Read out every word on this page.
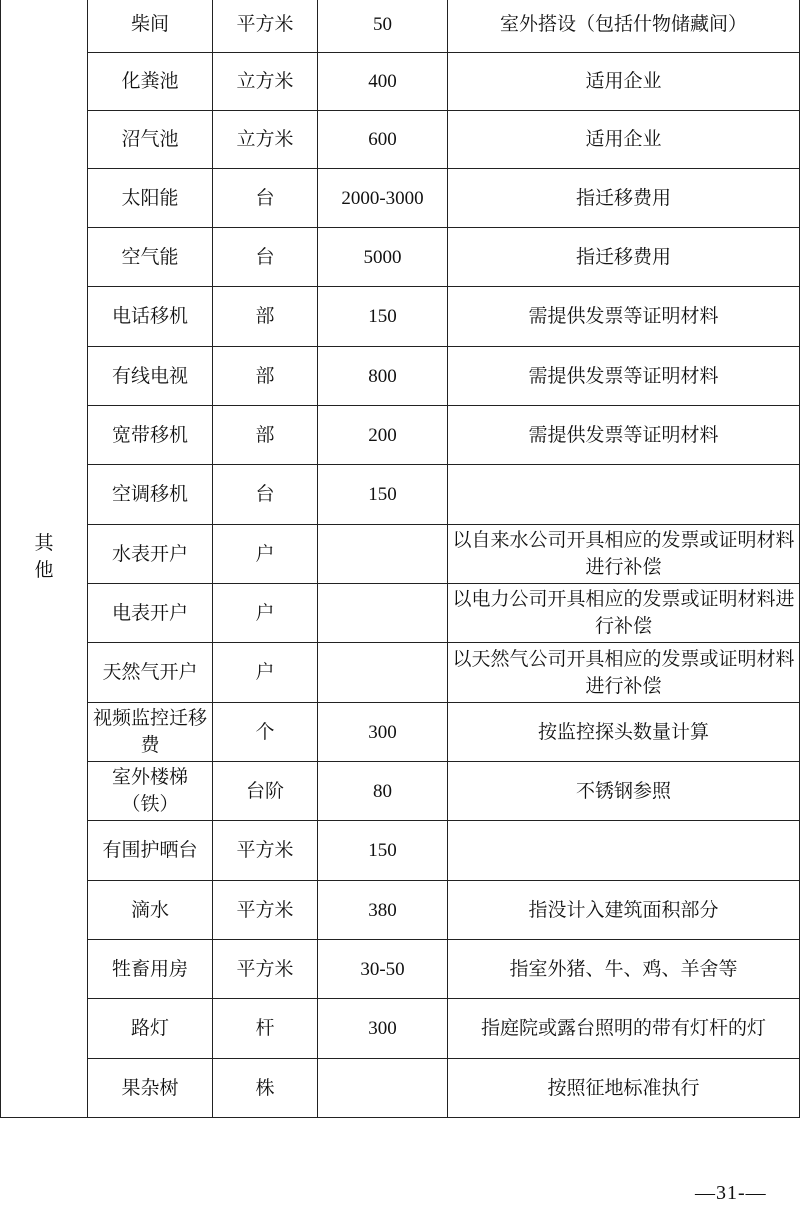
其
他	柴间	平方米	50	室外搭设（包括什物储藏间）
	化粪池	立方米	400	适用企业
	沼气池	立方米	600	适用企业
	太阳能	台	2000-3000	指迁移费用
	空气能	台	5000	指迁移费用
	电话移机	部	150	需提供发票等证明材料
	有线电视	部	800	需提供发票等证明材料
	宽带移机	部	200	需提供发票等证明材料
	空调移机	台	150	
	水表开户	户		以自来水公司开具相应的发票或证明材料进行补偿
	电表开户	户		以电力公司开具相应的发票或证明材料进行补偿
	天然气开户	户		以天然气公司开具相应的发票或证明材料进行补偿
	视频监控迁移费	个	300	按监控探头数量计算
	室外楼梯（铁）	台阶	80	不锈钢参照
	有围护晒台	平方米	150	
	滴水	平方米	380	指没计入建筑面积部分
	牲畜用房	平方米	30-50	指室外猪、牛、鸡、羊舍等
	路灯	杆	300	指庭院或露台照明的带有灯杆的灯
	果杂树	株		按照征地标准执行
—31-—
